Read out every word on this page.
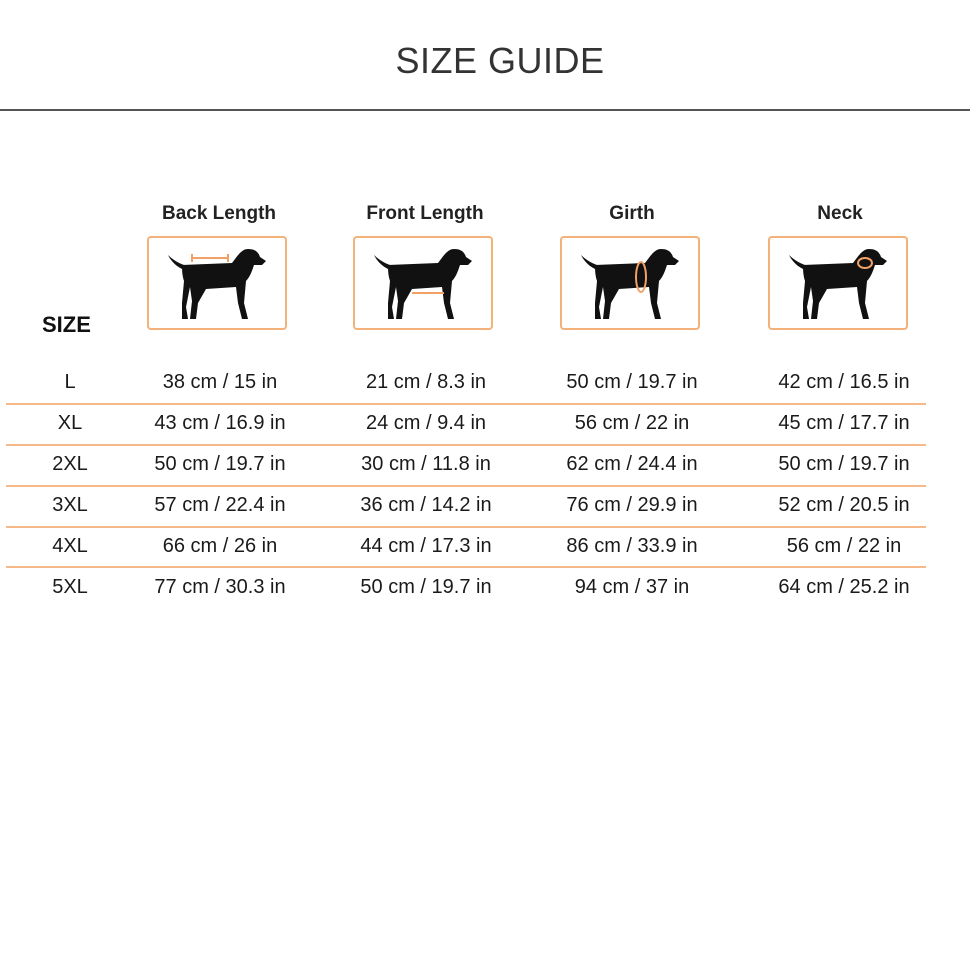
SIZE GUIDE
SIZE
Back Length	Front Length	Girth	Neck
L	38 cm / 15 in	21 cm / 8.3 in	50 cm / 19.7 in	42 cm / 16.5 in
XL	43 cm / 16.9 in	24 cm / 9.4 in	56 cm / 22 in	45 cm / 17.7 in
2XL	50 cm / 19.7 in	30 cm / 11.8 in	62 cm / 24.4 in	50 cm / 19.7 in
3XL	57 cm / 22.4 in	36 cm / 14.2 in	76 cm / 29.9 in	52 cm / 20.5 in
4XL	66 cm / 26 in	44 cm / 17.3 in	86 cm / 33.9 in	56 cm / 22 in
5XL	77 cm / 30.3 in	50 cm / 19.7 in	94 cm / 37 in	64 cm / 25.2 in
